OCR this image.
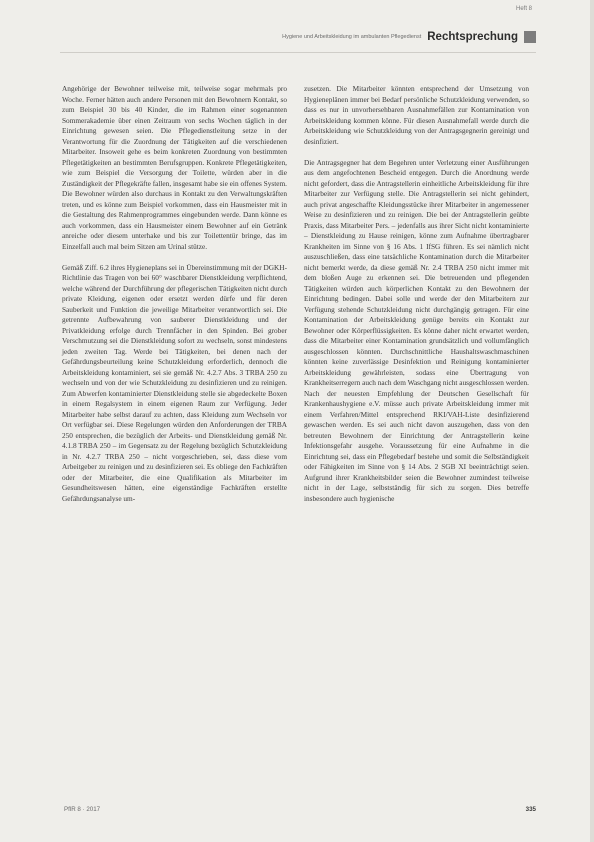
Heft 8
Hygiene und Arbeitskleidung im ambulanten Pflegedienst Rechtsprechung

Angehörige der Bewohner teilweise mit, teilweise sogar mehrmals pro Woche. Ferner hätten auch andere Personen mit den Bewohnern Kontakt, so zum Beispiel 30 bis 40 Kinder, die im Rahmen einer sogenannten Sommerakademie über einen Zeitraum von sechs Wochen täglich in der Einrichtung gewesen seien. Die Pflegedienstleitung setze in der Verantwortung für die Zuordnung der Tätigkeiten auf die verschiedenen Mitarbeiter. Insoweit gehe es beim konkreten Zuordnung von bestimmten Pflegetätigkeiten an bestimmten Berufsgruppen. Konkrete Pflegetätigkeiten, wie zum Beispiel die Versorgung der Toilette, würden aber in die Zuständigkeit der Pflegekräfte fallen, insgesamt habe sie ein offenes System. Die Bewohner würden also durchaus in Kontakt zu den Verwaltungskräften treten, und es könne zum Beispiel vorkommen, dass ein Hausmeister mit in die Gestaltung des Rahmenprogrammes eingebunden werde. Dann könne es auch vorkommen, dass ein Hausmeister einem Bewohner auf ein Getränk anreiche oder diesem unterhake und bis zur Toilettentür bringe, das im Einzelfall auch mal beim Sitzen am Urinal stütze.

Gemäß Ziff. 6.2 ihres Hygieneplans sei in Übereinstimmung mit der DGKH-Richtlinie das Tragen von bei 60° waschbarer Dienstkleidung verpflichtend, welche während der Durchführung der pflegerischen Tätigkeiten nicht durch private Kleidung, eigenen oder ersetzt werden dürfe und für deren Sauberkeit und Funktion die jeweilige Mitarbeiter verantwortlich sei. Die getrennte Aufbewahrung von sauberer Dienstkleidung und der Privatkleidung erfolge durch Trennfächer in den Spinden. Bei grober Verschmutzung sei die Dienstkleidung sofort zu wechseln, sonst mindestens jeden zweiten Tag. Werde bei Tätigkeiten, bei denen nach der Gefährdungsbeurteilung keine Schutzkleidung erforderlich, dennoch die Arbeitskleidung kontaminiert, sei sie gemäß Nr. 4.2.7 Abs. 3 TRBA 250 zu wechseln und von der wie Schutzkleidung zu desinfizieren und zu reinigen. Zum Abwerfen kontaminierter Dienstkleidung stelle sie abgedeckelte Boxen in einem Regalsystem in einem eigenen Raum zur Verfügung. Jeder Mitarbeiter habe selbst darauf zu achten, dass Kleidung zum Wechseln vor Ort verfügbar sei. Diese Regelungen würden den Anforderungen der TRBA 250 entsprechen, die bezüglich der Arbeits- und Dienstkleidung gemäß Nr. 4.1.8 TRBA 250 – im Gegensatz zu der Regelung bezüglich Schutzkleidung in Nr. 4.2.7 TRBA 250 – nicht vorgeschrieben, sei, dass diese vom Arbeitgeber zu reinigen und zu desinfizieren sei. Es obliege den Fachkräften oder der Mitarbeiter, die eine Qualifikation als Mitarbeiter im Gesundheitswesen hätten, eine eigenständige Fachkräften erstellte Gefährdungsanalyse um-

zusetzen. Die Mitarbeiter könnten entsprechend der Umsetzung von Hygieneplänen immer bei Bedarf persönliche Schutzkleidung verwenden, so dass es nur in unvorhersehbaren Ausnahmefällen zur Kontamination von Arbeitskleidung kommen könne. Für diesen Ausnahmefall werde durch die Arbeitskleidung wie Schutzkleidung von der Antragsgegnerin gereinigt und desinfiziert.

Die Antragsgegner hat dem Begehren unter Verletzung einer Ausführungen aus dem angefochtenen Bescheid entgegen. Durch die Anordnung werde nicht gefordert, dass die Antragstellerin einheitliche Arbeitskleidung für ihre Mitarbeiter zur Verfügung stelle. Die Antragstellerin sei nicht gehindert, auch privat angeschaffte Kleidungsstücke ihrer Mitarbeiter in angemessener Weise zu desinfizieren und zu reinigen. Die bei der Antragstellerin geübte Praxis, dass Mitarbeiter Pers. – jedenfalls aus ihrer Sicht nicht kontaminierte – Dienstkleidung zu Hause reinigen, könne zum Aufnahme übertragbarer Krankheiten im Sinne von § 16 Abs. 1 IfSG führen. Es sei nämlich nicht auszuschließen, dass eine tatsächliche Kontamination durch die Mitarbeiter nicht bemerkt werde, da diese gemäß Nr. 2.4 TRBA 250 nicht immer mit dem bloßen Auge zu erkennen sei. Die betreuenden und pflegenden Tätigkeiten würden auch körperlichen Kontakt zu den Bewohnern der Einrichtung bedingen. Dabei solle und werde der den Mitarbeitern zur Verfügung stehende Schutzkleidung nicht durchgängig getragen. Für eine Kontamination der Arbeitskleidung genüge bereits ein Kontakt zur Bewohner oder Körperflüssigkeiten. Es könne daher nicht erwartet werden, dass die Mitarbeiter einer Kontamination grundsätzlich und vollumfänglich ausgeschlossen könnten. Durchschnittliche Haushaltswaschmaschinen könnten keine zuverlässige Desinfektion und Reinigung kontaminierter Arbeitskleidung gewährleisten, sodass eine Übertragung von Krankheitserregern auch nach dem Waschgang nicht ausgeschlossen werden. Nach der neuesten Empfehlung der Deutschen Gesellschaft für Krankenhaushygiene e.V. müsse auch private Arbeitskleidung immer mit einem Verfahren/Mittel entsprechend RKI/VAH-Liste desinfizierend gewaschen werden. Es sei auch nicht davon auszugehen, dass von den betreuten Bewohnern der Einrichtung der Antragstellerin keine Infektionsgefahr ausgehe. Voraussetzung für eine Aufnahme in die Einrichtung sei, dass ein Pflegebedarf bestehe und somit die Selbständigkeit oder Fähigkeiten im Sinne von § 14 Abs. 2 SGB XI beeinträchtigt seien. Aufgrund ihrer Krankheitsbilder seien die Bewohner zumindest teilweise nicht in der Lage, selbstständig für sich zu sorgen. Dies betreffe insbesondere auch hygienische

PflR 8 · 2017	335
